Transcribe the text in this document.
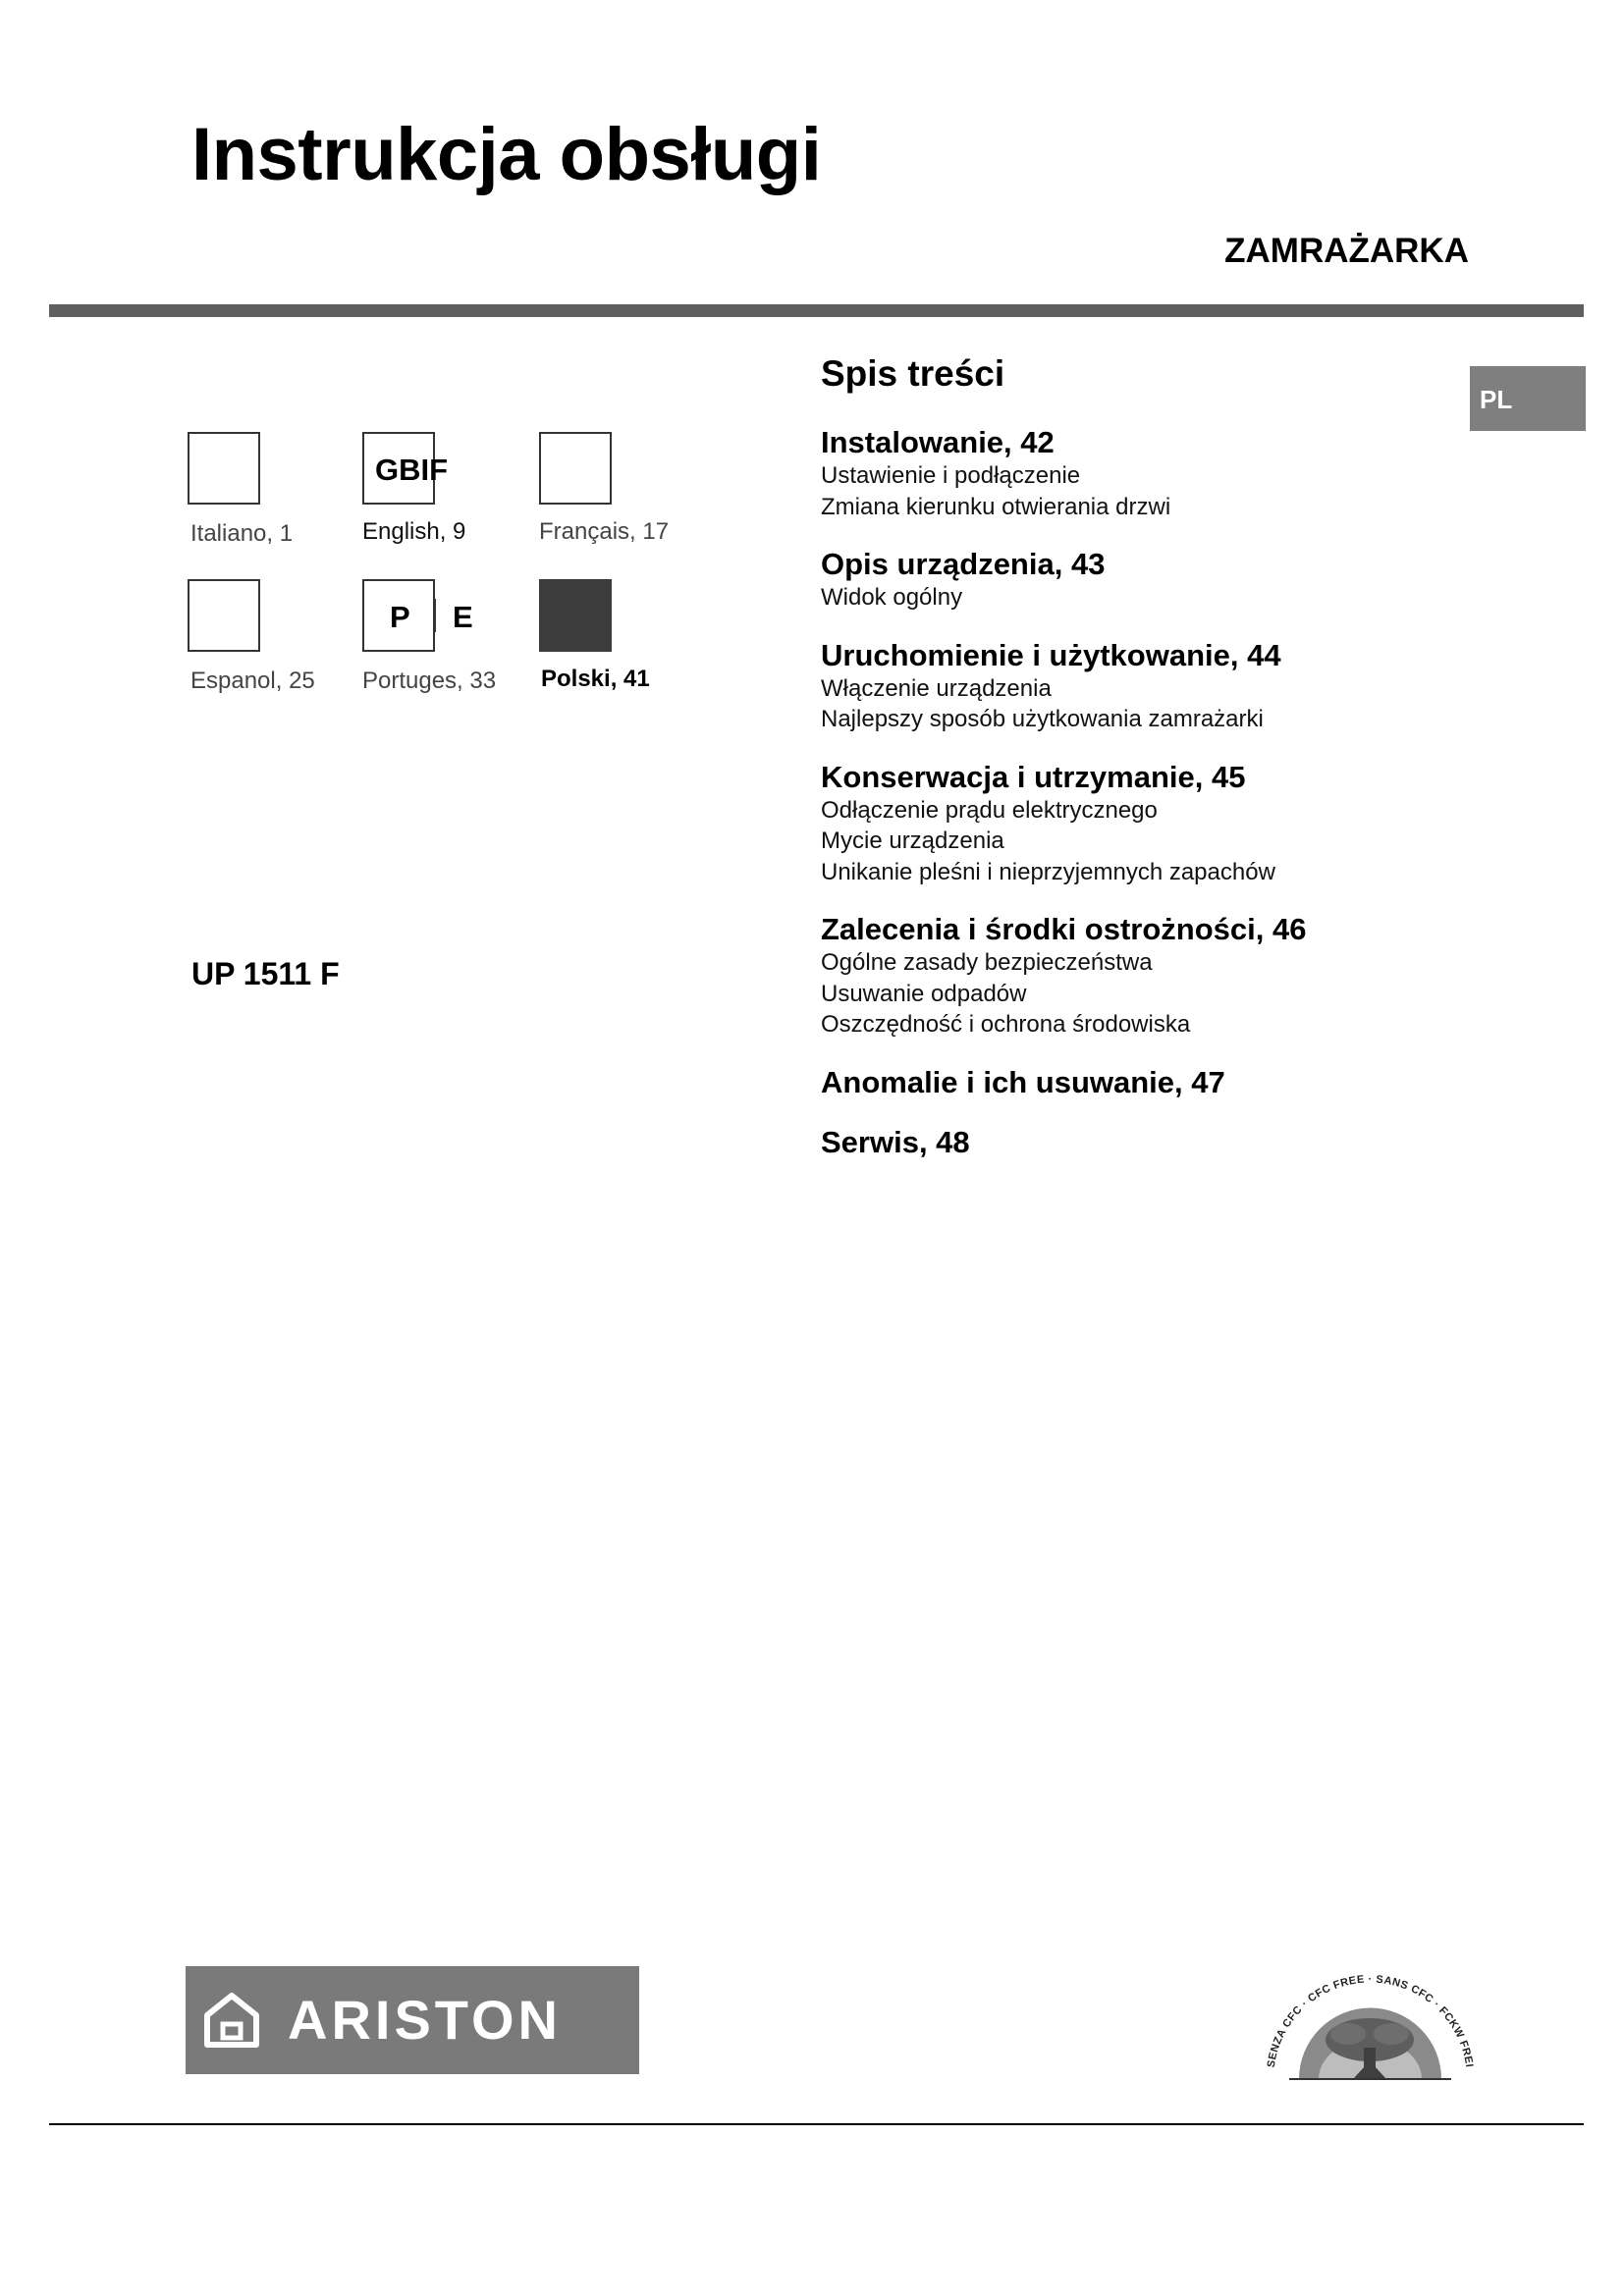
Instrukcja obsługi
ZAMRAŻARKA
PL
Italiano, 1
GBIF
English, 9	Français, 17
Espanol, 25
P E
Portuges, 33 Polski, 41
UP 1511 F
Spis treści
Instalowanie, 42
Ustawienie i podłączenie
Zmiana kierunku otwierania drzwi
Opis urządzenia, 43
Widok ogólny
Uruchomienie i użytkowanie, 44
Włączenie urządzenia
Najlepszy sposób użytkowania zamrażarki
Konserwacja i utrzymanie, 45
Odłączenie prądu elektrycznego
Mycie urządzenia
Unikanie pleśni i nieprzyjemnych zapachów
Zalecenia i środki ostrożności, 46
Ogólne zasady bezpieczeństwa
Usuwanie odpadów
Oszczędność i ochrona środowiska
Anomalie i ich usuwanie, 47
Serwis, 48
ARISTON
SENZA CFC · CFC FREE · SANS CFC · FCKW FREI
